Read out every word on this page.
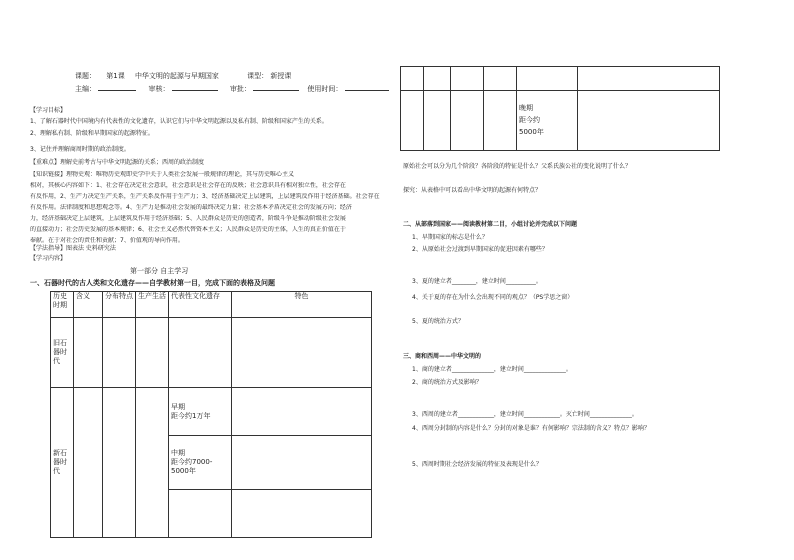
课题： 第1课 中华文明的起源与早期国家	课型： 新授课
主编：	审核：	审批：	使用时间：
【学习目标】
1、了解石器时代中国境内有代表性的文化遗存，认识它们与中华文明起源以及私有制、阶级和国家产生的关系。
2、理解私有制、阶级和早期国家的起源特征。
3、记住并理解商周时期的政治制度。
【重难点】理解史前考古与中华文明起源的关系；西周的政治制度
【知识链接】理物史观：唯物历史观即史学中关于人类社会发展一般规律的理论，其与历史唯心主义
相对，其核心内容如下：1、社会存在决定社会意识，社会意识是社会存在的反映；社会意识具有相对独立性，社会存在
有反作用，2、生产力决定生产关系，生产关系反作用于生产力；3、经济基础决定上层建筑，上层建筑反作用于经济基础。社会存在
有反作用。法律制度和思想观念等。4、生产力是推动社会发展的最终决定力量；社会基本矛盾决定社会的发展方向；经济
力，经济基础决定上层建筑，上层建筑反作用于经济基础；5、人民群众是历史的创造者，阶级斗争是推动阶级社会发展
的直接动力；社会历史发展的基本规律；6、社会主义必然代替资本主义；人民群众是历史的主体，人生的真正价值在于
奉献。在于对社会的责任和贡献；7、价值观的导向作用。
【学法指导】图表法 史料研究法
【学习内容】
第一部分 自主学习
一、石器时代的古人类和文化遗存——自学教材第一目，完成下面的表格及问题
历史时期	含义	分布特点	生产生活	代表性文化遗存	特色
旧石器时代					
新石器时代				早期
距今约1万年	

				中期
距今约7000-5000年	

				晚期
距今约
5000年	

原始社会可以分为几个阶段？各阶段的特征是什么？父系氏族公社的变化说明了什么？
探究：从表格中可以看出中华文明的起源有何特点？
二、从部落到国家——阅读教材第二目，小组讨论并完成以下问题
1、早期国家的标志是什么？
2、从原始社会过渡到早期国家的促进因素有哪些？
3、夏的建立者________，建立时间__________。
4、关于夏的存在为什么会出现不同的观点？（PS学思之窗）
5、夏的统治方式？
三、商和西周——中华文明的
1、商的建立者______________，建立时间______________。
2、商的统治方式及影响？
3、西周的建立者____________，建立时间____________。灭亡时间______________。
4、西周分封制的内容是什么？分封的对象是谁？有何影响？宗法制的含义？特点？影响？
5、西周时期社会经济发展的特征及表现是什么？
